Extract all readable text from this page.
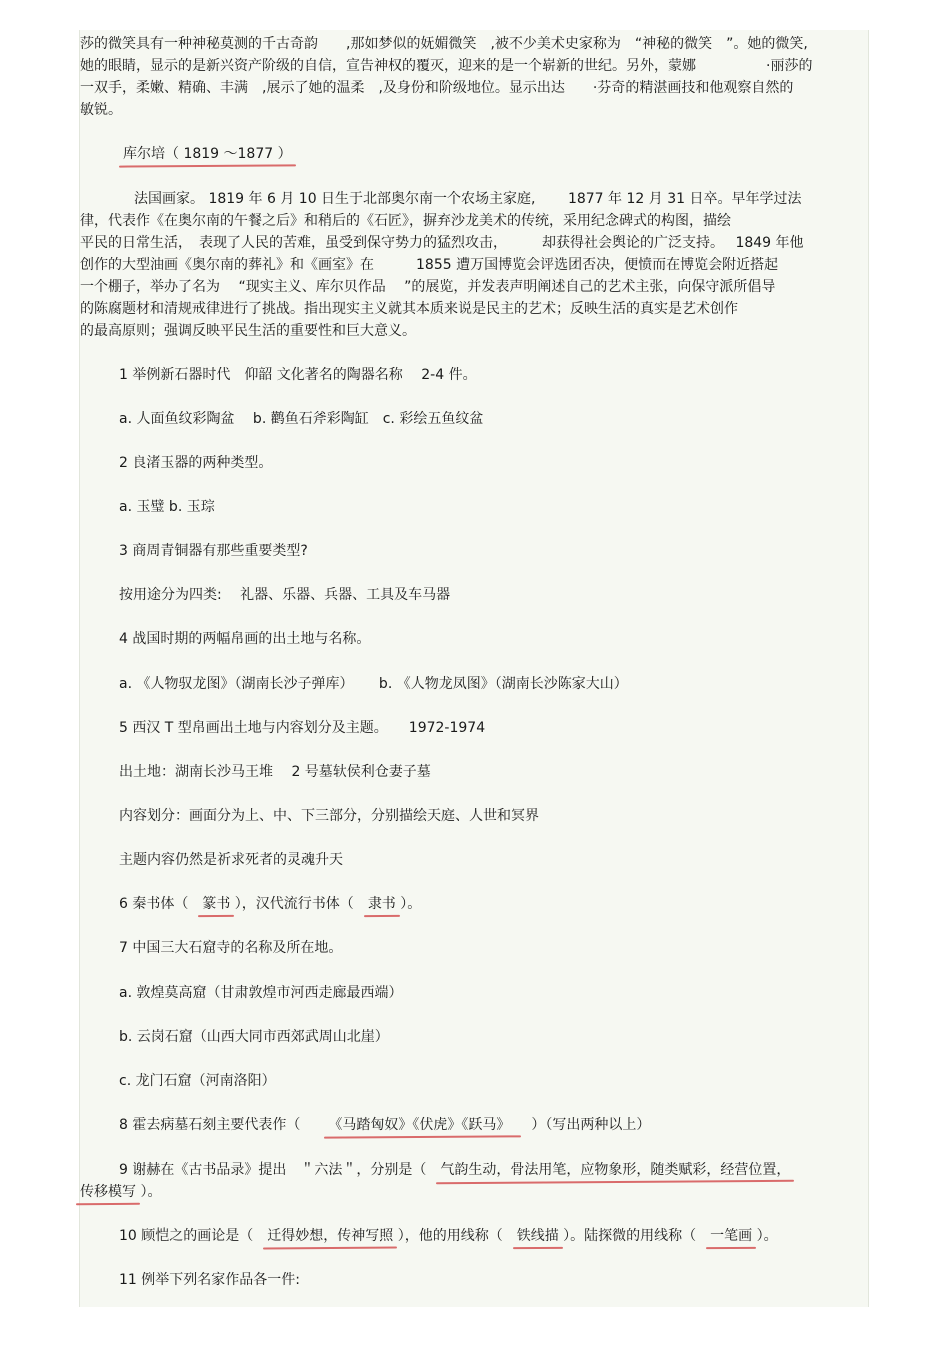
莎的微笑具有一种神秘莫测的千古奇韵　　,那如梦似的妩媚微笑　,被不少美术史家称为　“神秘的微笑　”。她的微笑,
她的眼睛，显示的是新兴资产阶级的自信，宣告神权的覆灭，迎来的是一个崭新的世纪。另外，蒙娜　　　　　·丽莎的
一双手，柔嫩、精确、丰满　,展示了她的温柔　,及身份和阶级地位。显示出达　　·芬奇的精湛画技和他观察自然的
敏锐。
库尔培（ 1819 ～1877 ）
法国画家。 1819 年 6 月 10 日生于北部奥尔南一个农场主家庭,　　 1877 年 12 月 31 日卒。早年学过法
律，代表作《在奥尔南的午餐之后》和稍后的《石匠》，摒弃沙龙美术的传统，采用纪念碑式的构图，描绘
平民的日常生活，　表现了人民的苦难，虽受到保守势力的猛烈攻击，　　　却获得社会舆论的广泛支持。　 1849 年他
创作的大型油画《奥尔南的葬礼》和《画室》在　　　1855 遭万国博览会评选团否决，便愤而在博览会附近搭起
一个棚子，举办了名为　 “现实主义、库尔贝作品　 ”的展览，并发表声明阐述自己的艺术主张，向保守派所倡导
的陈腐题材和清规戒律进行了挑战。指出现实主义就其本质来说是民主的艺术；反映生活的真实是艺术创作
的最高原则；强调反映平民生活的重要性和巨大意义。
1 举例新石器时代　仰韶 文化著名的陶器名称　 2-4 件。
a. 人面鱼纹彩陶盆　 b. 鹳鱼石斧彩陶缸　c. 彩绘五鱼纹盆
2 良渚玉器的两种类型。
a. 玉璧 b. 玉琮
3 商周青铜器有那些重要类型?
按用途分为四类:　 礼器、乐器、兵器、工具及车马器
4 战国时期的两幅帛画的出土地与名称。
a. 《人物驭龙图》（湖南长沙子弹库）　　 b. 《人物龙凤图》（湖南长沙陈家大山）
5 西汉 T 型帛画出土地与内容划分及主题。　　1972-1974
出土地：湖南长沙马王堆　 2 号墓轪侯利仓妻子墓
内容划分：画面分为上、中、下三部分，分别描绘天庭、人世和冥界
主题内容仍然是祈求死者的灵魂升天
6 秦书体（　篆书 ），汉代流行书体（　隶书 ）。
7 中国三大石窟寺的名称及所在地。
a. 敦煌莫高窟（甘肃敦煌市河西走廊最西端）
b. 云岗石窟（山西大同市西郊武周山北崖）
c. 龙门石窟（河南洛阳）
8 霍去病墓石刻主要代表作（　　《马踏匈奴》《伏虎》《跃马》　　）（写出两种以上）
9 谢赫在《古书品录》提出　＂六法＂，分别是（　气韵生动，骨法用笔，应物象形，随类赋彩，经营位置，
传移模写 ）。
10 顾恺之的画论是（　迁得妙想，传神写照 ），他的用线称（　铁线描 ）。陆探微的用线称（　一笔画 ）。
11 例举下列名家作品各一件:
